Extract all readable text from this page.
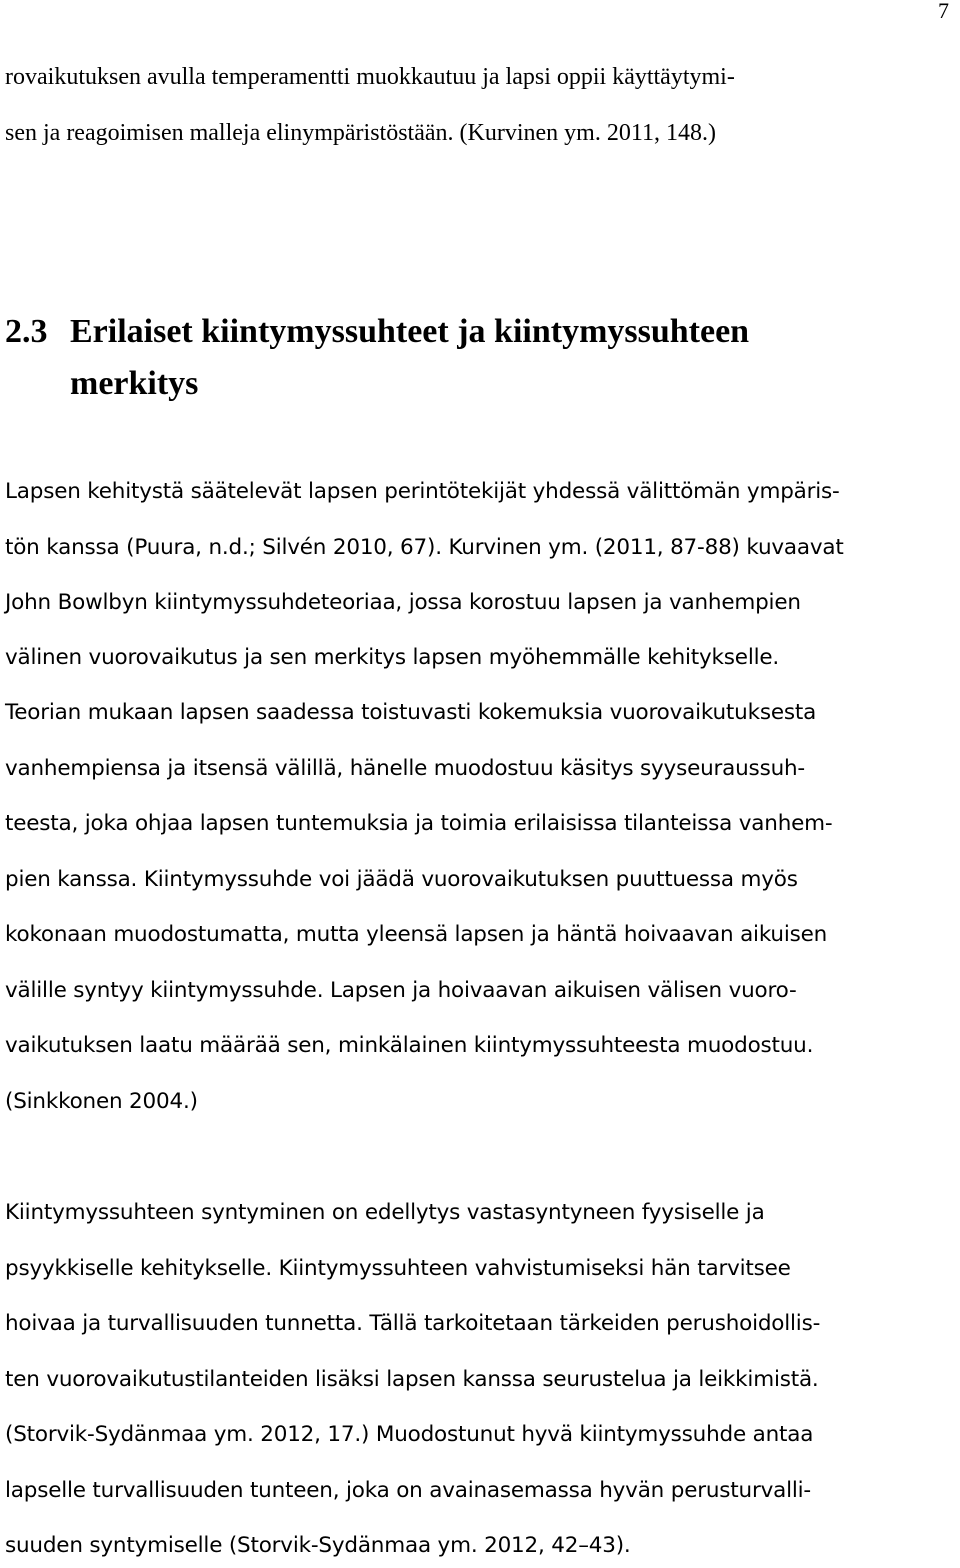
7
rovaikutuksen avulla temperamentti muokkautuu ja lapsi oppii käyttäytymi-
sen ja reagoimisen malleja elinympäristöstään. (Kurvinen ym. 2011, 148.)
2.3 Erilaiset kiintymyssuhteet ja kiintymyssuhteen
merkitys
Lapsen kehitystä säätelevät lapsen perintötekijät yhdessä välittömän ympäris-
tön kanssa (Puura, n.d.; Silvén 2010, 67). Kurvinen ym. (2011, 87-88) kuvaavat
John Bowlbyn kiintymyssuhdeteoriaa, jossa korostuu lapsen ja vanhempien
välinen vuorovaikutus ja sen merkitys lapsen myöhemmälle kehitykselle.
Teorian mukaan lapsen saadessa toistuvasti kokemuksia vuorovaikutuksesta
vanhempiensa ja itsensä välillä, hänelle muodostuu käsitys syyseuraussuh-
teesta, joka ohjaa lapsen tuntemuksia ja toimia erilaisissa tilanteissa vanhem-
pien kanssa. Kiintymyssuhde voi jäädä vuorovaikutuksen puuttuessa myös
kokonaan muodostumatta, mutta yleensä lapsen ja häntä hoivaavan aikuisen
välille syntyy kiintymyssuhde. Lapsen ja hoivaavan aikuisen välisen vuoro-
vaikutuksen laatu määrää sen, minkälainen kiintymyssuhteesta muodostuu.
(Sinkkonen 2004.)
Kiintymyssuhteen syntyminen on edellytys vastasyntyneen fyysiselle ja
psyykkiselle kehitykselle. Kiintymyssuhteen vahvistumiseksi hän tarvitsee
hoivaa ja turvallisuuden tunnetta. Tällä tarkoitetaan tärkeiden perushoidollis-
ten vuorovaikutustilanteiden lisäksi lapsen kanssa seurustelua ja leikkimistä.
(Storvik-Sydänmaa ym. 2012, 17.) Muodostunut hyvä kiintymyssuhde antaa
lapselle turvallisuuden tunteen, joka on avainasemassa hyvän perusturvalli-
suuden syntymiselle (Storvik-Sydänmaa ym. 2012, 42–43).
